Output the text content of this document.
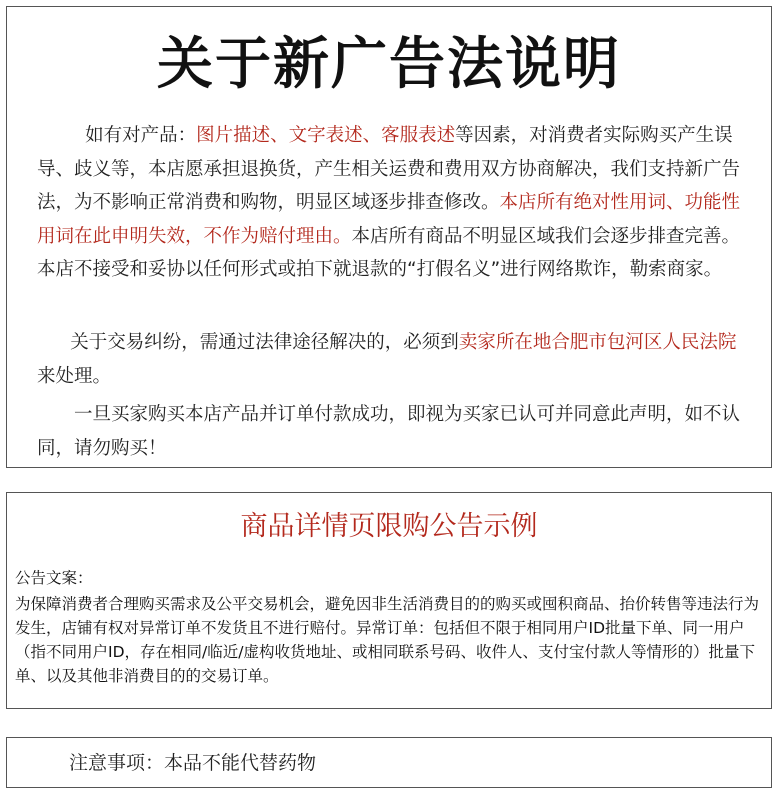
关于新广告法说明

如有对产品：图片描述、文字表述、客服表述等因素，对消费者实际购买产生误导、歧义等，本店愿承担退换货，产生相关运费和费用双方协商解决，我们支持新广告法，为不影响正常消费和购物，明显区域逐步排查修改。本店所有绝对性用词、功能性用词在此申明失效，不作为赔付理由。本店所有商品不明显区域我们会逐步排查完善。本店不接受和妥协以任何形式或拍下就退款的“打假名义”进行网络欺诈，勒索商家。

关于交易纠纷，需通过法律途径解决的，必须到卖家所在地合肥市包河区人民法院来处理。

一旦买家购买本店产品并订单付款成功，即视为买家已认可并同意此声明，如不认同，请勿购买！

商品详情页限购公告示例
公告文案：

为保障消费者合理购买需求及公平交易机会，避免因非生活消费目的的购买或囤积商品、抬价转售等违法行为发生，店铺有权对异常订单不发货且不进行赔付。异常订单：包括但不限于相同用户ID批量下单、同一用户（指不同用户ID，存在相同/临近/虚构收货地址、或相同联系号码、收件人、支付宝付款人等情形的）批量下单、以及其他非消费目的的交易订单。

注意事项：本品不能代替药物
